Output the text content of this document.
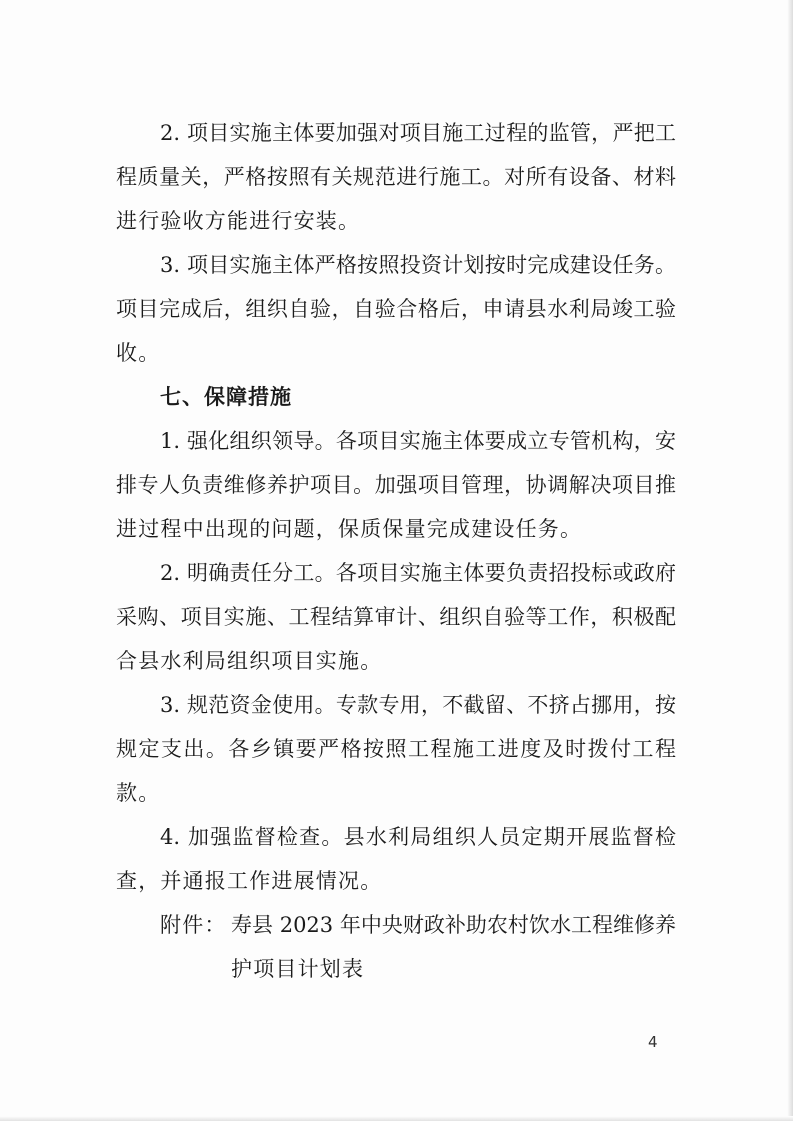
2. 项目实施主体要加强对项目施工过程的监管，严把工
程质量关，严格按照有关规范进行施工。对所有设备、材料
进行验收方能进行安装。
3. 项目实施主体严格按照投资计划按时完成建设任务。
项目完成后，组织自验，自验合格后，申请县水利局竣工验
收。
七、保障措施
1. 强化组织领导。各项目实施主体要成立专管机构，安
排专人负责维修养护项目。加强项目管理，协调解决项目推
进过程中出现的问题，保质保量完成建设任务。
2. 明确责任分工。各项目实施主体要负责招投标或政府
采购、项目实施、工程结算审计、组织自验等工作，积极配
合县水利局组织项目实施。
3. 规范资金使用。专款专用，不截留、不挤占挪用，按
规定支出。各乡镇要严格按照工程施工进度及时拨付工程
款。
4. 加强监督检查。县水利局组织人员定期开展监督检
查，并通报工作进展情况。
附件： 寿县 2023 年中央财政补助农村饮水工程维修养
护项目计划表
4
